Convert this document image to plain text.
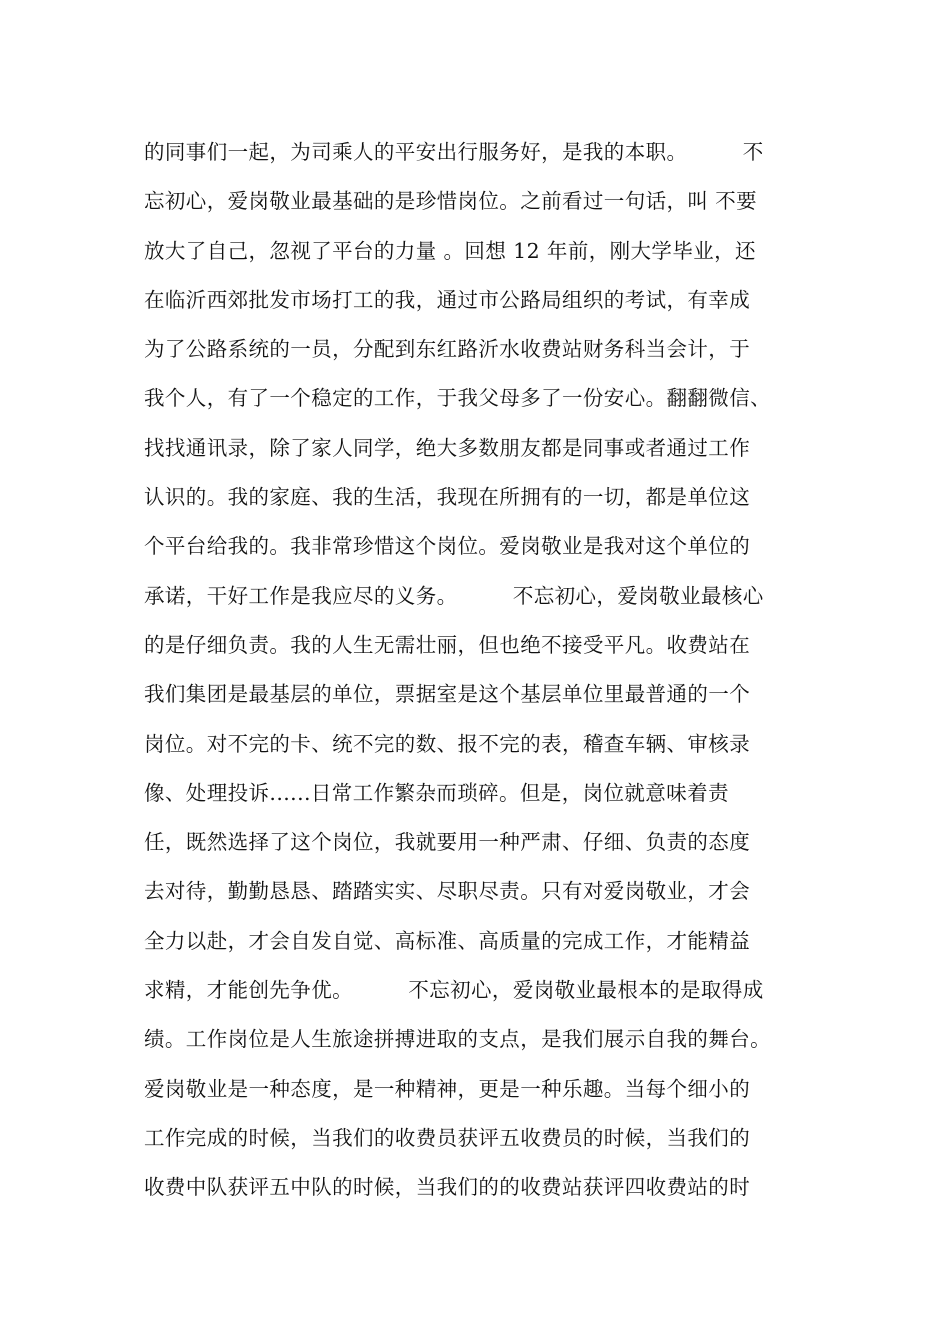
的同事们一起，为司乘人的平安出行服务好，是我的本职。        不
忘初心，爱岗敬业最基础的是珍惜岗位。之前看过一句话，叫 不要
放大了自己，忽视了平台的力量 。回想 12 年前，刚大学毕业，还
在临沂西郊批发市场打工的我，通过市公路局组织的考试，有幸成
为了公路系统的一员，分配到东红路沂水收费站财务科当会计，于
我个人，有了一个稳定的工作，于我父母多了一份安心。翻翻微信、
找找通讯录，除了家人同学，绝大多数朋友都是同事或者通过工作
认识的。我的家庭、我的生活，我现在所拥有的一切，都是单位这
个平台给我的。我非常珍惜这个岗位。爱岗敬业是我对这个单位的
承诺，干好工作是我应尽的义务。        不忘初心，爱岗敬业最核心
的是仔细负责。我的人生无需壮丽，但也绝不接受平凡。收费站在
我们集团是最基层的单位，票据室是这个基层单位里最普通的一个
岗位。对不完的卡、统不完的数、报不完的表，稽查车辆、审核录
像、处理投诉......日常工作繁杂而琐碎。但是，岗位就意味着责
任，既然选择了这个岗位，我就要用一种严肃、仔细、负责的态度
去对待，勤勤恳恳、踏踏实实、尽职尽责。只有对爱岗敬业，才会
全力以赴，才会自发自觉、高标准、高质量的完成工作，才能精益
求精，才能创先争优。        不忘初心，爱岗敬业最根本的是取得成
绩。工作岗位是人生旅途拼搏进取的支点，是我们展示自我的舞台。
爱岗敬业是一种态度，是一种精神，更是一种乐趣。当每个细小的
工作完成的时候，当我们的收费员获评五收费员的时候，当我们的
收费中队获评五中队的时候，当我们的的收费站获评四收费站的时
